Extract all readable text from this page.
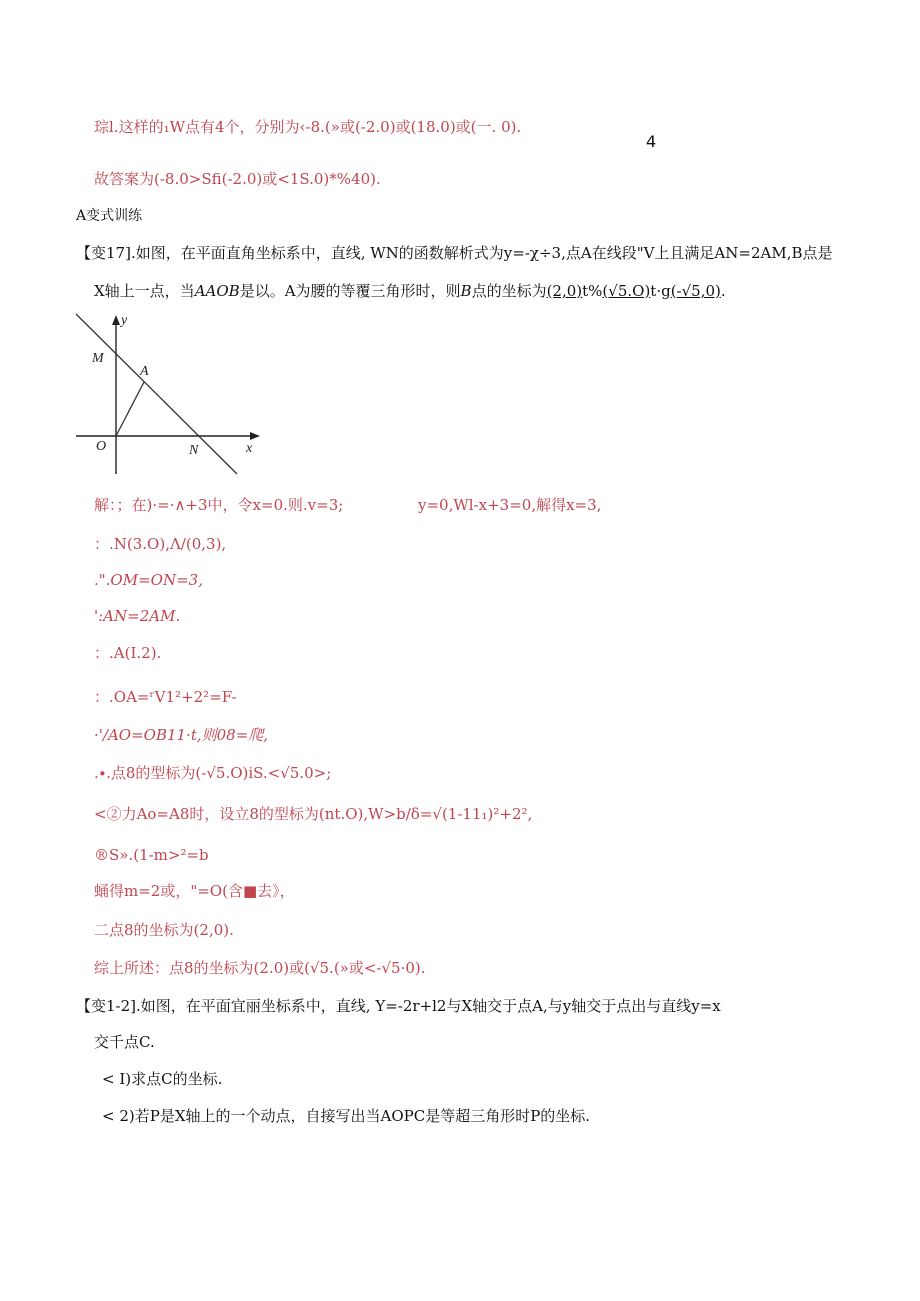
琮l.这样的₁W点有4个，分别为‹-8.(»或(-2.0)或(18.0)或(一. 0).
4
故答案为(-8.0>Sfi(-2.0)或<1S.0)*%40).
A变式训练
【变17].如图，在平面直角坐标系中，直线, WN的函数解析式为y=-χ÷3,点A在线段"V上且满足AN=2AM,B点是
X轴上一点，当AAOB是以。A为腰的等覆三角形时，则B点的坐标为(2,0)t%(√5.O)t·g(-√5,0).
y
x
M
A
O	N
解：；在)·=·∧+3中，令x=0.则.v=3;	y=0,Wl-x+3=0,解得x=3,
：.N(3.O),Λ/(0,3),
.".OM=ON=3,
':AN=2AM.
：.A(I.2).
：.OA=ʳV1²+2²=F-
·'/AO=OB11·t,则08=爬,
.∙.点8的型标为(-√5.O)iS.<√5.0>;
<②力Ao=A8时，设立8的型标为(nt.O),W>b∕δ=√(1-11₁)²+2²,
®S».(1-m>²=b
蛹得m=2或，"=O(含■去》，
二点8的坐标为(2,0).
综上所述：点8的坐标为(2.0)或(√5.(»或<-√5·0).
【变1-2].如图，在平面宜丽坐标系中，直线, Y=-2r+l2与X轴交于点A,与y轴交于点出与直线y=x
交千点C.
< I)求点C的坐标.
< 2)若P是X轴上的一个动点，自接写出当AOPC是等超三角形时P的坐标.
